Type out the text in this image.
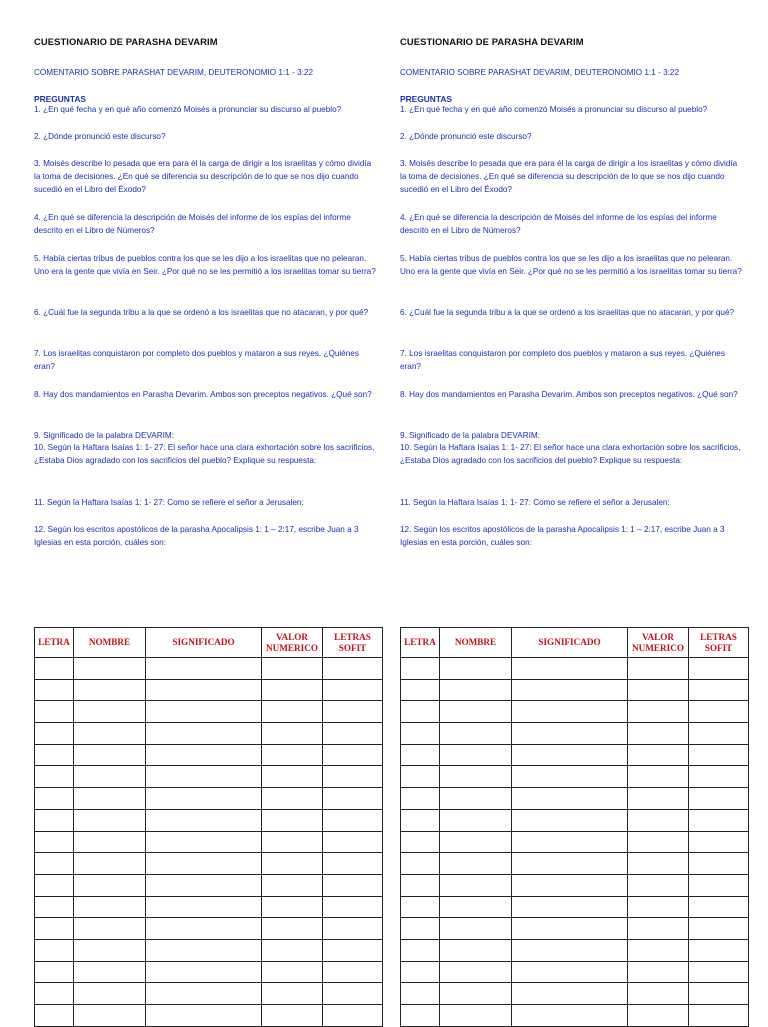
CUESTIONARIO DE PARASHA DEVARIM
COMENTARIO SOBRE PARASHAT DEVARIM, DEUTERONOMIO 1:1 - 3:22
PREGUNTAS
1. ¿En qué fecha y en qué año comenzó Moisés a pronunciar su discurso al pueblo?
2. ¿Dónde pronunció este discurso?
3. Moisés describe lo pesada que era para él la carga de dirigir a los israelitas y cómo dividía la toma de decisiones. ¿En qué se diferencia su descripción de lo que se nos dijo cuando sucedió en el Libro del Éxodo?
4. ¿En qué se diferencia la descripción de Moisés del informe de los espías del informe descrito en el Libro de Números?
5. Había ciertas tribus de pueblos contra los que se les dijo a los israelitas que no pelearan. Uno era la gente que vivía en Seir. ¿Por qué no se les permitió a los israelitas tomar su tierra?
6. ¿Cuál fue la segunda tribu a la que se ordenó a los israelitas que no atacaran, y por qué?
7. Los israelitas conquistaron por completo dos pueblos y mataron a sus reyes. ¿Quiénes eran?
8. Hay dos mandamientos en Parasha Devarim. Ambos son preceptos negativos. ¿Qué son?
9. Significado de la palabra DEVARIM:
10. Según la Haftara Isaías 1: 1- 27: El señor hace una clara exhortación sobre los sacrificios, ¿Estaba Dios agradado con los sacrificios del pueblo? Explique su respuesta:
11. Según la Haftara Isaías 1: 1- 27: Como se refiere el señor a Jerusalen:
12. Según los escritos apostólicos de la parasha Apocalipsis 1: 1 – 2:17, escribe Juan a 3 Iglesias en esta porción, cuáles son:
LETRA	NOMBRE	SIGNIFICADO	VALOR NUMERICO	LETRAS SOFIT

CUESTIONARIO DE PARASHA DEVARIM
COMENTARIO SOBRE PARASHAT DEVARIM, DEUTERONOMIO 1:1 - 3:22
PREGUNTAS
1. ¿En qué fecha y en qué año comenzó Moisés a pronunciar su discurso al pueblo?
2. ¿Dónde pronunció este discurso?
3. Moisés describe lo pesada que era para él la carga de dirigir a los israelitas y cómo dividía la toma de decisiones. ¿En qué se diferencia su descripción de lo que se nos dijo cuando sucedió en el Libro del Éxodo?
4. ¿En qué se diferencia la descripción de Moisés del informe de los espías del informe descrito en el Libro de Números?
5. Había ciertas tribus de pueblos contra los que se les dijo a los israelitas que no pelearan. Uno era la gente que vivía en Seir. ¿Por qué no se les permitió a los israelitas tomar su tierra?
6. ¿Cuál fue la segunda tribu a la que se ordenó a los israelitas que no atacaran, y por qué?
7. Los israelitas conquistaron por completo dos pueblos y mataron a sus reyes. ¿Quiénes eran?
8. Hay dos mandamientos en Parasha Devarim. Ambos son preceptos negativos. ¿Qué son?
9. Significado de la palabra DEVARIM:
10. Según la Haftara Isaías 1: 1- 27: El señor hace una clara exhortación sobre los sacrificios, ¿Estaba Dios agradado con los sacrificios del pueblo? Explique su respuesta:
11. Según la Haftara Isaías 1: 1- 27: Como se refiere el señor a Jerusalen:
12. Según los escritos apostólicos de la parasha Apocalipsis 1: 1 – 2:17, escribe Juan a 3 Iglesias en esta porción, cuáles son:
LETRA	NOMBRE	SIGNIFICADO	VALOR NUMERICO	LETRAS SOFIT
